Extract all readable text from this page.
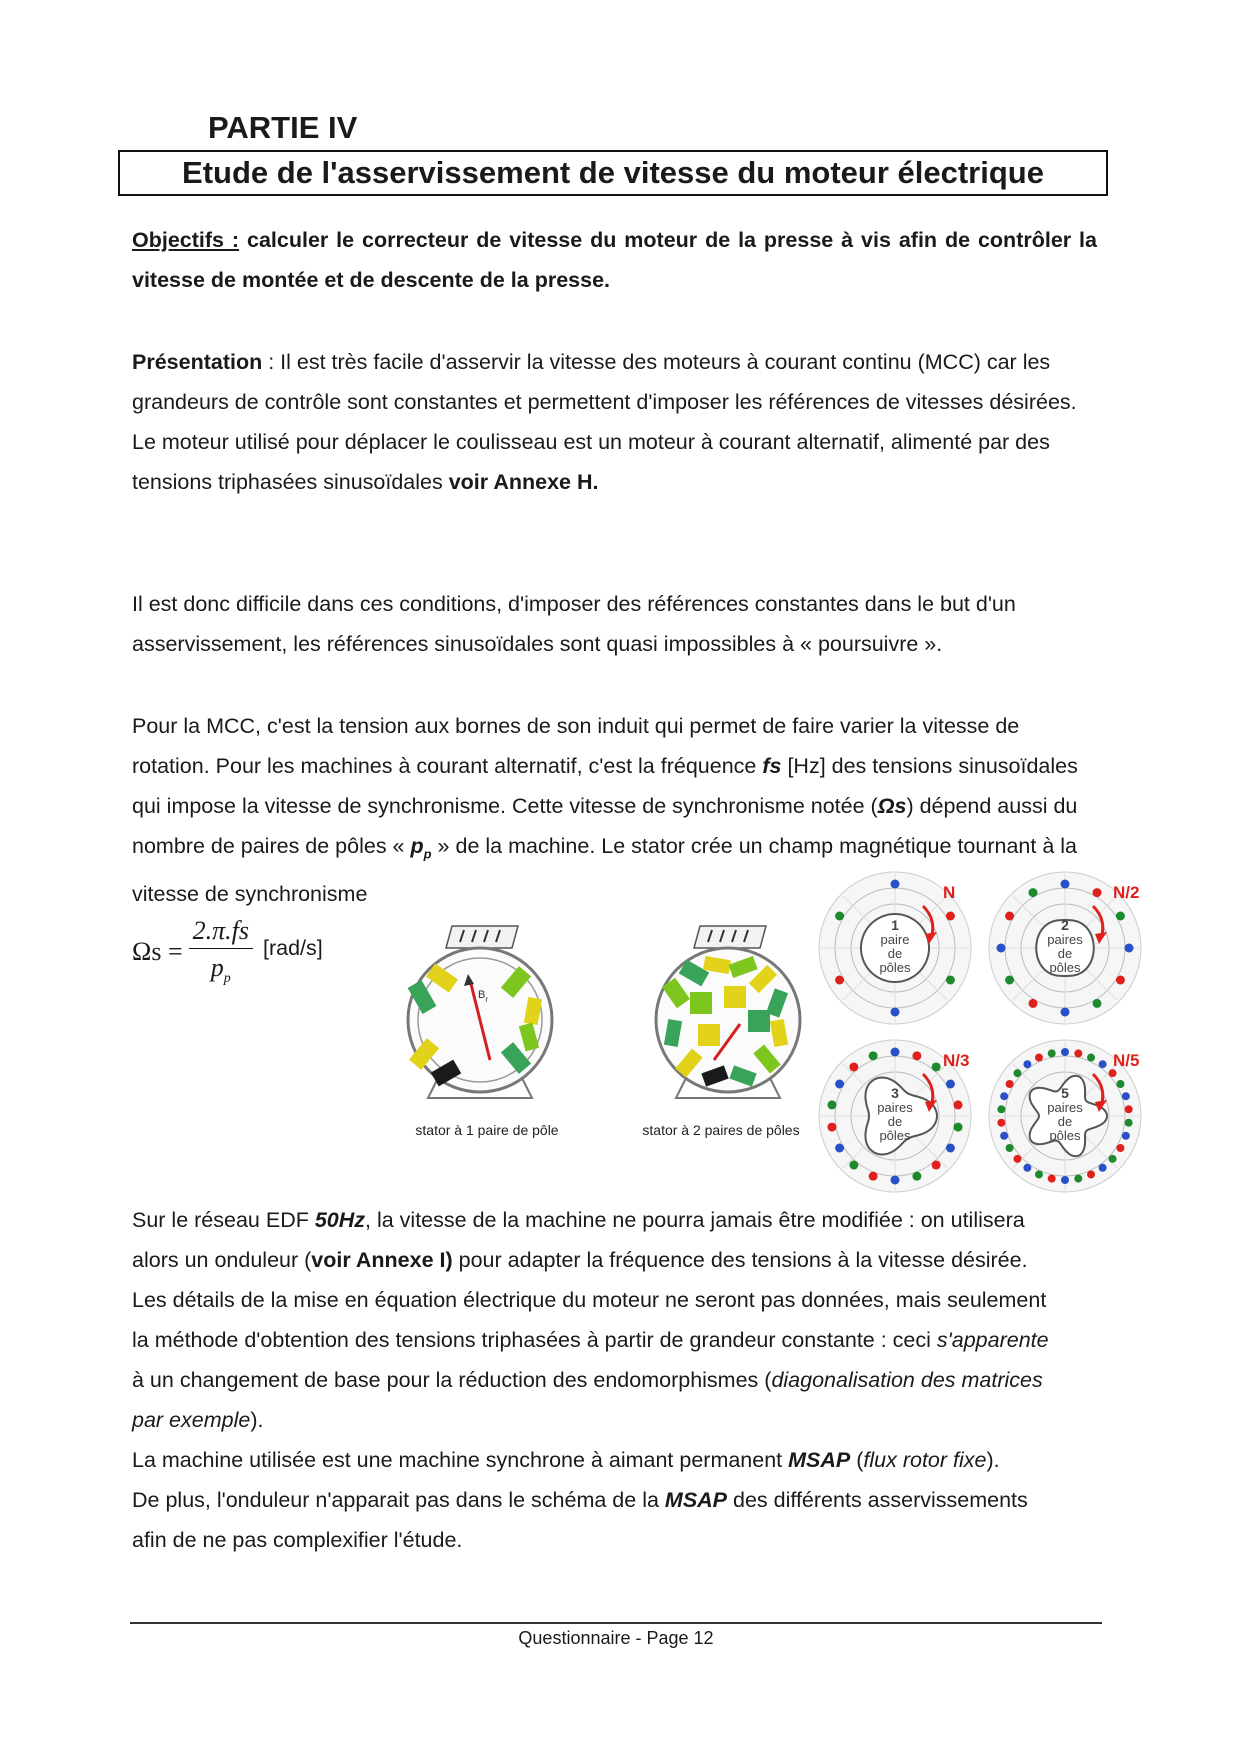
PARTIE IV
Etude de l'asservissement de vitesse du moteur électrique
Objectifs : calculer le correcteur de vitesse du moteur de la presse à vis afin de contrôler la vitesse de montée et de descente de la presse.
Présentation : Il est très facile d'asservir la vitesse des moteurs à courant continu (MCC) car les grandeurs de contrôle sont constantes et permettent d'imposer les références de vitesses désirées.
Le moteur utilisé pour déplacer le coulisseau est un moteur à courant alternatif, alimenté par des tensions triphasées sinusoïdales voir Annexe H.
Il est donc difficile dans ces conditions, d'imposer des références constantes dans le but d'un asservissement, les références sinusoïdales sont quasi impossibles à « poursuivre ».
Pour la MCC, c'est la tension aux bornes de son induit qui permet de faire varier la vitesse de rotation. Pour les machines à courant alternatif, c'est la fréquence fs [Hz] des tensions sinusoïdales qui impose la vitesse de synchronisme. Cette vitesse de synchronisme notée (Ωs) dépend aussi du nombre de paires de pôles « $p_p$ » de la machine. Le stator crée un champ magnétique tournant à la vitesse de synchronisme
$\Omega s = \frac{2.\pi.fs}{p_p} [rad/s]$
$B_r$
stator à 1 paire de pôle	stator à 2 paires de pôles
1
paire
de
pôles
N
2
paires
de
pôles
N/2
3
paires
de
pôles
N/3
5
paires
de
pôles
N/5
Sur le réseau EDF 50Hz, la vitesse de la machine ne pourra jamais être modifiée : on utilisera alors un onduleur (voir Annexe I) pour adapter la fréquence des tensions à la vitesse désirée.
Les détails de la mise en équation électrique du moteur ne seront pas données, mais seulement la méthode d'obtention des tensions triphasées à partir de grandeur constante : ceci s'apparente à un changement de base pour la réduction des endomorphismes (diagonalisation des matrices par exemple).
La machine utilisée est une machine synchrone à aimant permanent MSAP (flux rotor fixe).
De plus, l'onduleur n'apparait pas dans le schéma de la MSAP des différents asservissements afin de ne pas complexifier l'étude.
Questionnaire - Page 12
